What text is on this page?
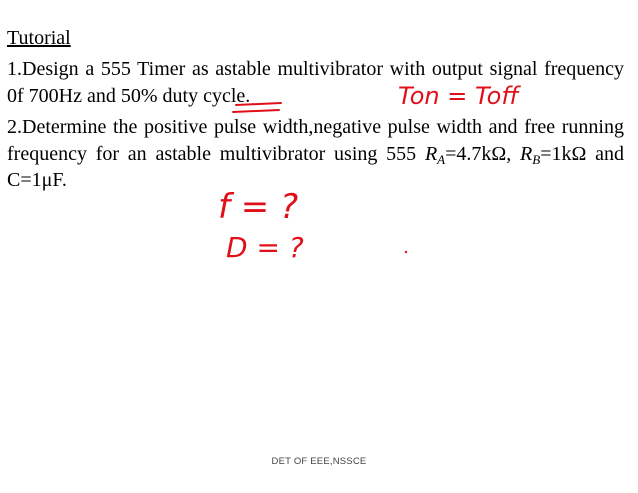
Tutorial
1.Design a 555 Timer as astable multivibrator with output signal frequency 0f 700Hz and 50% duty cycle.
2.Determine the positive pulse width,negative pulse width and free running frequency for an astable multivibrator using 555 $R_A=4.7k\Omega$, $R_B=1k\Omega$ and C=1μF.
DET OF EEE,NSSCE
Ton = Toff
f = ?
D = ?
